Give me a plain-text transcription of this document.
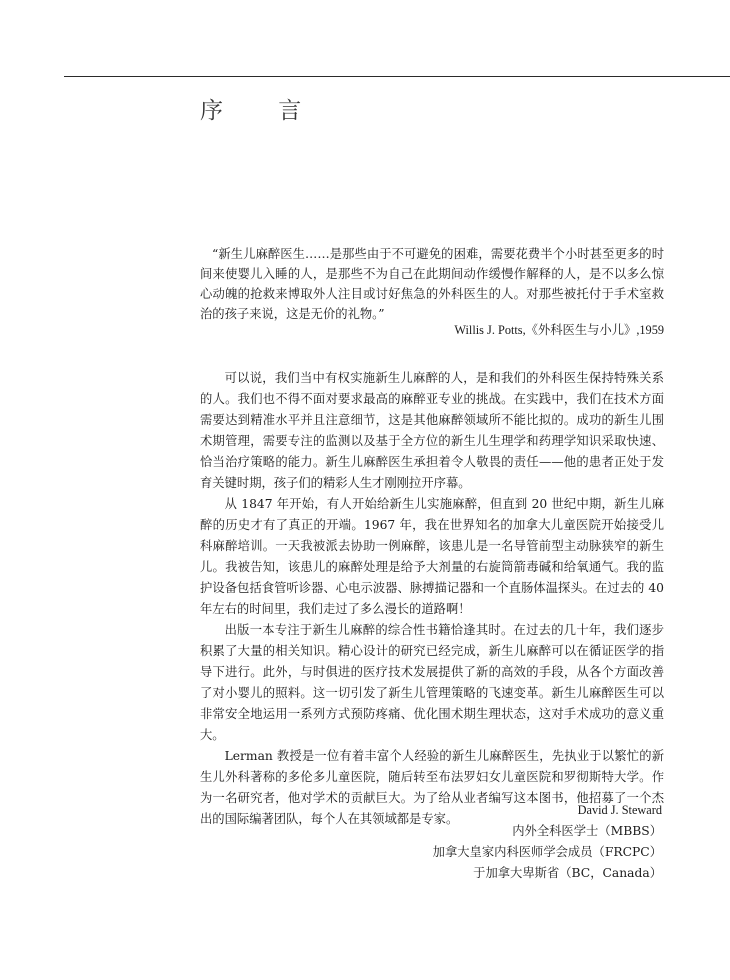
序 言

“新生儿麻醉医生……是那些由于不可避免的困难，需要花费半个小时甚至更多的时间来使婴儿入睡的人，是那些不为自己在此期间动作缓慢作解释的人，是不以多么惊心动魄的抢救来博取外人注目或讨好焦急的外科医生的人。对那些被托付于手术室救治的孩子来说，这是无价的礼物。”

Willis J. Potts,《外科医生与小儿》,1959

可以说，我们当中有权实施新生儿麻醉的人，是和我们的外科医生保持特殊关系的人。我们也不得不面对要求最高的麻醉亚专业的挑战。在实践中，我们在技术方面需要达到精准水平并且注意细节，这是其他麻醉领域所不能比拟的。成功的新生儿围术期管理，需要专注的监测以及基于全方位的新生儿生理学和药理学知识采取快速、恰当治疗策略的能力。新生儿麻醉医生承担着令人敬畏的责任——他的患者正处于发育关键时期，孩子们的精彩人生才刚刚拉开序幕。

从 1847 年开始，有人开始给新生儿实施麻醉，但直到 20 世纪中期，新生儿麻醉的历史才有了真正的开端。1967 年，我在世界知名的加拿大儿童医院开始接受儿科麻醉培训。一天我被派去协助一例麻醉，该患儿是一名导管前型主动脉狭窄的新生儿。我被告知，该患儿的麻醉处理是给予大剂量的右旋筒箭毒碱和给氧通气。我的监护设备包括食管听诊器、心电示波器、脉搏描记器和一个直肠体温探头。在过去的 40 年左右的时间里，我们走过了多么漫长的道路啊！

出版一本专注于新生儿麻醉的综合性书籍恰逢其时。在过去的几十年，我们逐步积累了大量的相关知识。精心设计的研究已经完成，新生儿麻醉可以在循证医学的指导下进行。此外，与时俱进的医疗技术发展提供了新的高效的手段，从各个方面改善了对小婴儿的照料。这一切引发了新生儿管理策略的飞速变革。新生儿麻醉医生可以非常安全地运用一系列方式预防疼痛、优化围术期生理状态，这对手术成功的意义重大。

Lerman 教授是一位有着丰富个人经验的新生儿麻醉医生，先执业于以繁忙的新生儿外科著称的多伦多儿童医院，随后转至布法罗妇女儿童医院和罗彻斯特大学。作为一名研究者，他对学术的贡献巨大。为了给从业者编写这本图书，他招募了一个杰出的国际编著团队，每个人在其领域都是专家。

David J. Steward
内外全科医学士（MBBS）
加拿大皇家内科医师学会成员（FRCPC）
于加拿大卑斯省（BC，Canada）
